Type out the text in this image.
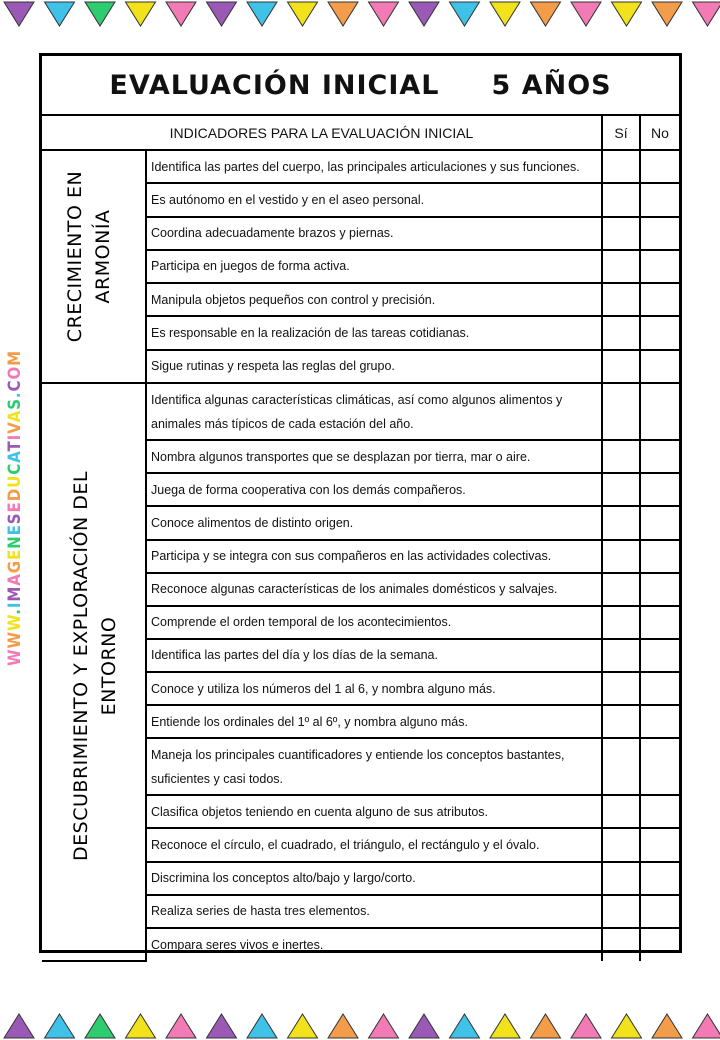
WWW.IMAGENESEDUCATIVAS.COM
EVALUACIÓN INICIAL 5 AÑOS			
INDICADORES PARA LA EVALUACIÓN INICIAL		Sí	No

CRECIMIENTO EN ARMONÍA	Identifica las partes del cuerpo, las principales articulaciones y sus funciones.		
	Es autónomo en el vestido y en el aseo personal.		
	Coordina adecuadamente brazos y piernas.		
	Participa en juegos de forma activa.		
	Manipula objetos pequeños con control y precisión.		
	Es responsable en la realización de las tareas cotidianas.		
	Sigue rutinas y respeta las reglas del grupo.		

DESCUBRIMIENTO Y EXPLORACIÓN DEL ENTORNO	Identifica algunas características climáticas, así como algunos alimentos y animales más típicos de cada estación del año.		
	Nombra algunos transportes que se desplazan por tierra, mar o aire.		
	Juega de forma cooperativa con los demás compañeros.		
	Conoce alimentos de distinto origen.		
	Participa y se integra con sus compañeros en las actividades colectivas.		
	Reconoce algunas características de los animales domésticos y salvajes.		
	Comprende el orden temporal de los acontecimientos.		
	Identifica las partes del día y los días de la semana.		
	Conoce y utiliza los números del 1 al 6, y nombra alguno más.		
	Entiende los ordinales del 1º al 6º, y nombra alguno más.		
	Maneja los principales cuantificadores y entiende los conceptos bastantes, suficientes y casi todos.		
	Clasifica objetos teniendo en cuenta alguno de sus atributos.		
	Reconoce el círculo, el cuadrado, el triángulo, el rectángulo y el óvalo.		
	Discrimina los conceptos alto/bajo y largo/corto.		
	Realiza series de hasta tres elementos.		
	Compara seres vivos e inertes.		
